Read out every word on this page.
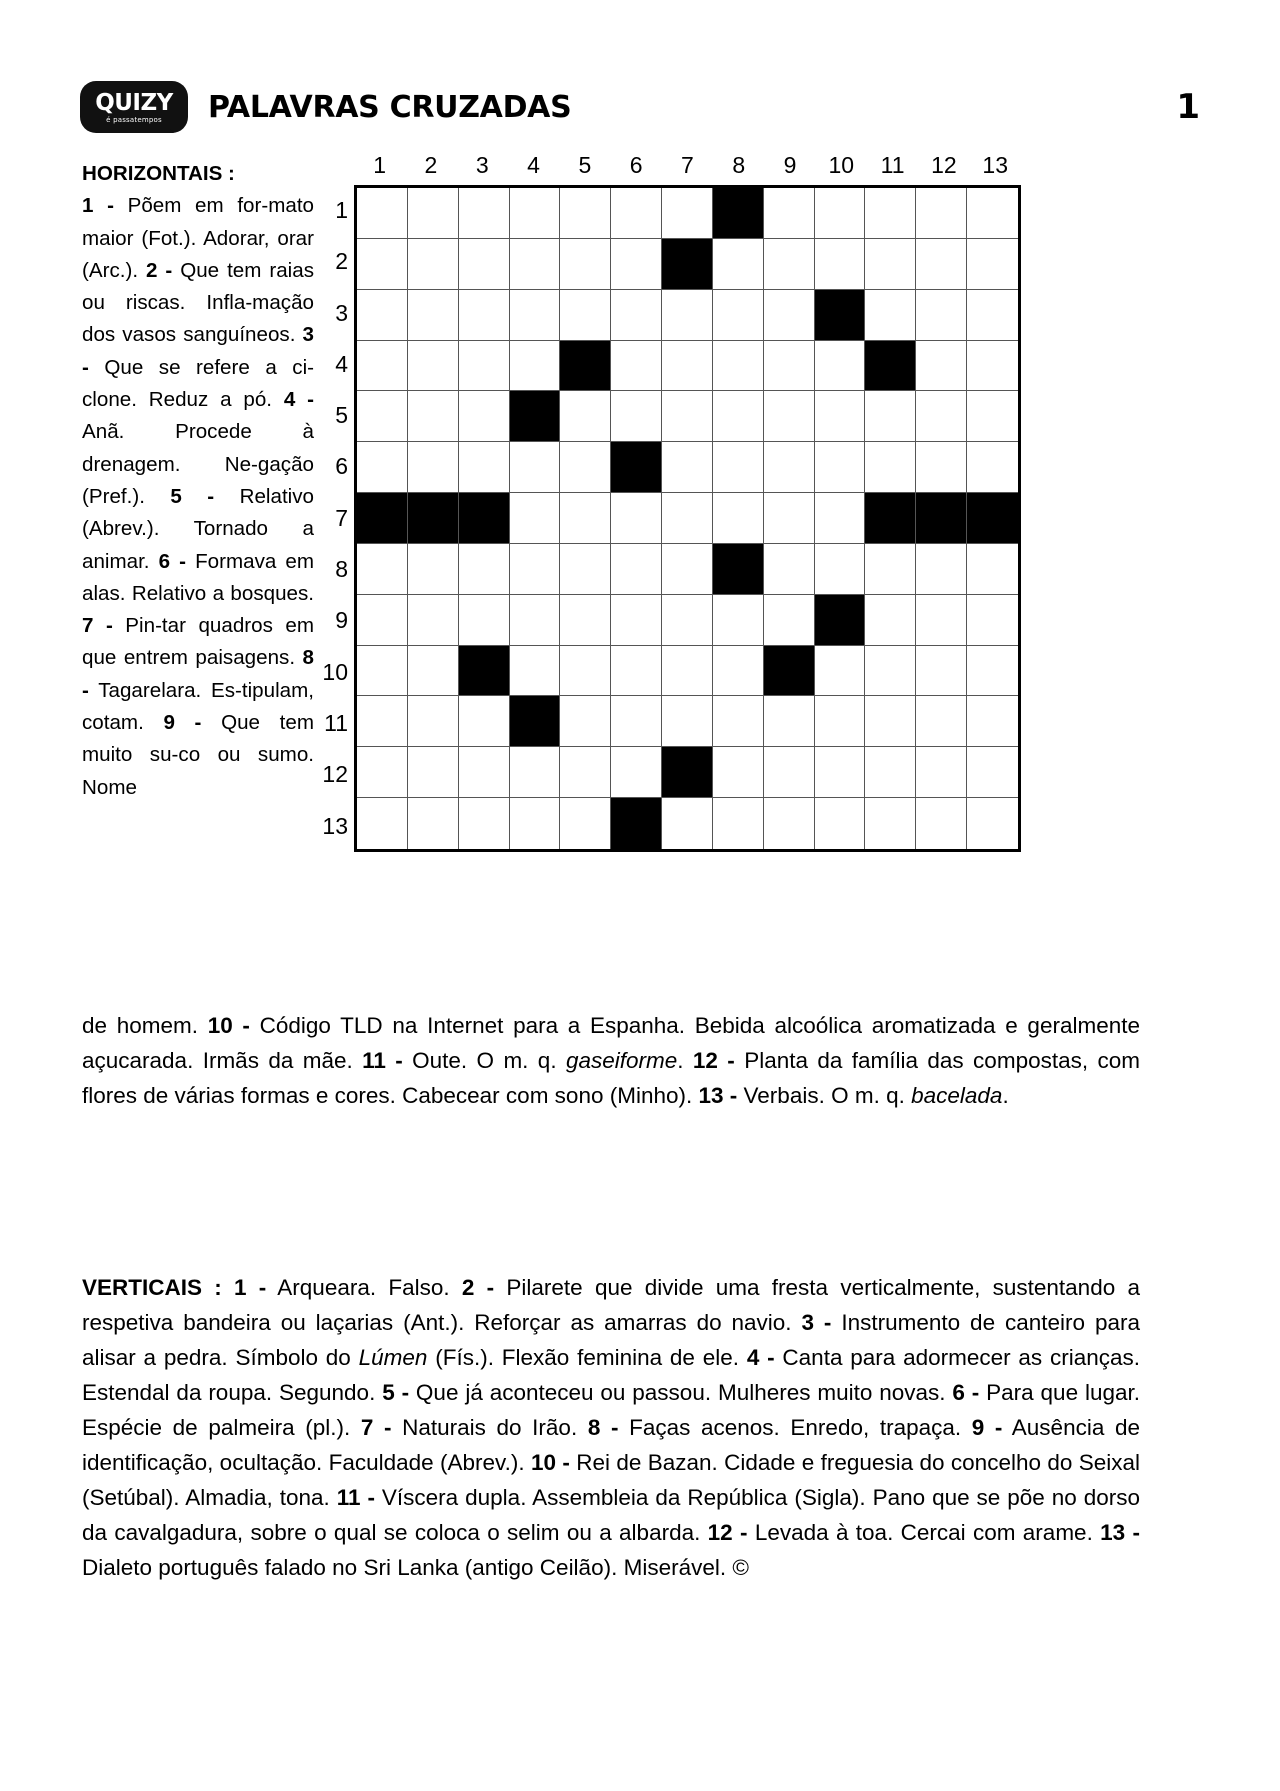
QUIZY
é passatempos PALAVRAS CRUZADAS	1
HORIZONTAIS :
1 - Põem em for-mato maior (Fot.). Adorar, orar (Arc.). 2 - Que tem raias ou riscas. Infla-mação dos vasos sanguíneos. 3 - Que se refere a ci-clone. Reduz a pó. 4 - Anã. Procede à drenagem. Ne-gação (Pref.). 5 - Relativo (Abrev.). Tornado a animar. 6 - Formava em alas. Relativo a bosques. 7 - Pin-tar quadros em que entrem paisagens. 8 - Tagarelara. Es-tipulam, cotam. 9 - Que tem muito su-co ou sumo. Nome
1	2	3	4	5	6	7	8	9	10	11	12	13
1
2
3
4
5
6
7
8
9
10
11
12
13
de homem. 10 - Código TLD na Internet para a Espanha. Bebida alcoólica aromatizada e geralmente açucarada. Irmãs da mãe. 11 - Oute. O m. q. gaseiforme. 12 - Planta da família das compostas, com flores de várias formas e cores. Cabecear com sono (Minho). 13 - Verbais. O m. q. bacelada.
VERTICAIS : 1 - Arqueara. Falso. 2 - Pilarete que divide uma fresta verticalmente, sustentando a respetiva bandeira ou laçarias (Ant.). Reforçar as amarras do navio. 3 - Instrumento de canteiro para alisar a pedra. Símbolo do Lúmen (Fís.). Flexão feminina de ele. 4 - Canta para adormecer as crianças. Estendal da roupa. Segundo. 5 - Que já aconteceu ou passou. Mulheres muito novas. 6 - Para que lugar. Espécie de palmeira (pl.). 7 - Naturais do Irão. 8 - Faças acenos. Enredo, trapaça. 9 - Ausência de identificação, ocultação. Faculdade (Abrev.). 10 - Rei de Bazan. Cidade e freguesia do concelho do Seixal (Setúbal). Almadia, tona. 11 - Víscera dupla. Assembleia da República (Sigla). Pano que se põe no dorso da cavalgadura, sobre o qual se coloca o selim ou a albarda. 12 - Levada à toa. Cercai com arame. 13 - Dialeto português falado no Sri Lanka (antigo Ceilão). Miserável. ©
